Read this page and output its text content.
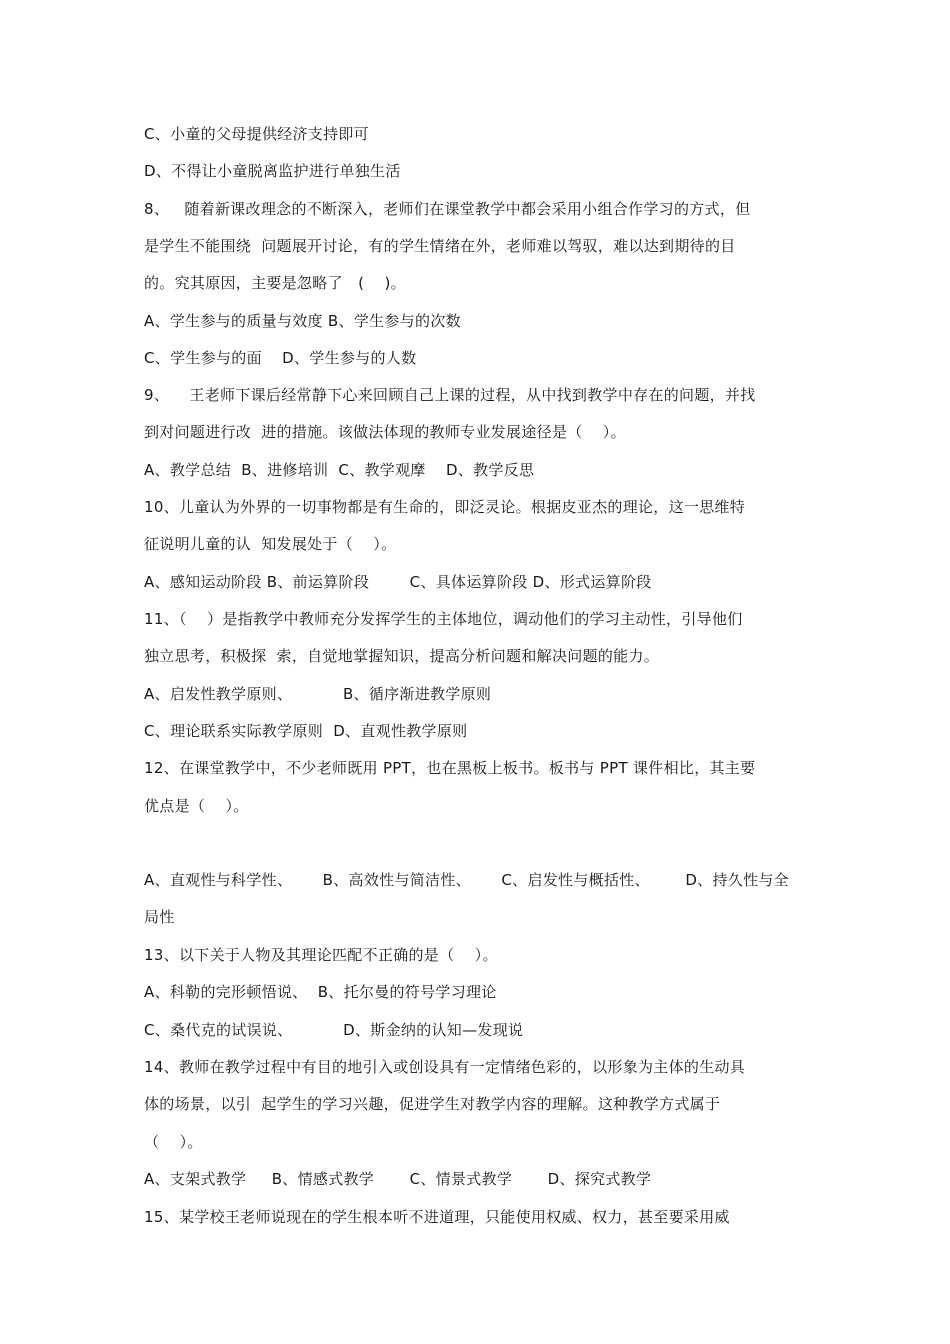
C、小童的父母提供经济支持即可
D、不得让小童脱离监护进行单独生活
8、   随着新课改理念的不断深入，老师们在课堂教学中都会采用小组合作学习的方式，但
是学生不能围绕  问题展开讨论，有的学生情绪在外，老师难以驾驭，难以达到期待的目
的。究其原因，主要是忽略了   (    )。
A、学生参与的质量与效度 B、学生参与的次数
C、学生参与的面    D、学生参与的人数
9、    王老师下课后经常静下心来回顾自己上课的过程，从中找到教学中存在的问题，并找
到对问题进行改  进的措施。该做法体现的教师专业发展途径是（    ）。
A、教学总结  B、进修培训  C、教学观摩    D、教学反思
10、儿童认为外界的一切事物都是有生命的，即泛灵论。根据皮亚杰的理论，这一思维特
征说明儿童的认  知发展处于（    ）。
A、感知运动阶段 B、前运算阶段        C、具体运算阶段 D、形式运算阶段
11、（    ）是指教学中教师充分发挥学生的主体地位，调动他们的学习主动性，引导他们
独立思考，积极探  索，自觉地掌握知识，提高分析问题和解决问题的能力。
A、启发性教学原则、          B、循序渐进教学原则
C、理论联系实际教学原则  D、直观性教学原则
12、在课堂教学中，不少老师既用 PPT，也在黑板上板书。板书与 PPT 课件相比，其主要
优点是（    ）。
A、直观性与科学性、      B、高效性与简洁性、      C、启发性与概括性、       D、持久性与全
局性
13、以下关于人物及其理论匹配不正确的是（    ）。
A、科勒的完形顿悟说、  B、托尔曼的符号学习理论
C、桑代克的试误说、          D、斯金纳的认知—发现说
14、教师在教学过程中有目的地引入或创设具有一定情绪色彩的，以形象为主体的生动具
体的场景，以引  起学生的学习兴趣，促进学生对教学内容的理解。这种教学方式属于
（    ）。
A、支架式教学     B、情感式教学       C、情景式教学       D、探究式教学
15、某学校王老师说现在的学生根本听不进道理，只能使用权威、权力，甚至要采用威
